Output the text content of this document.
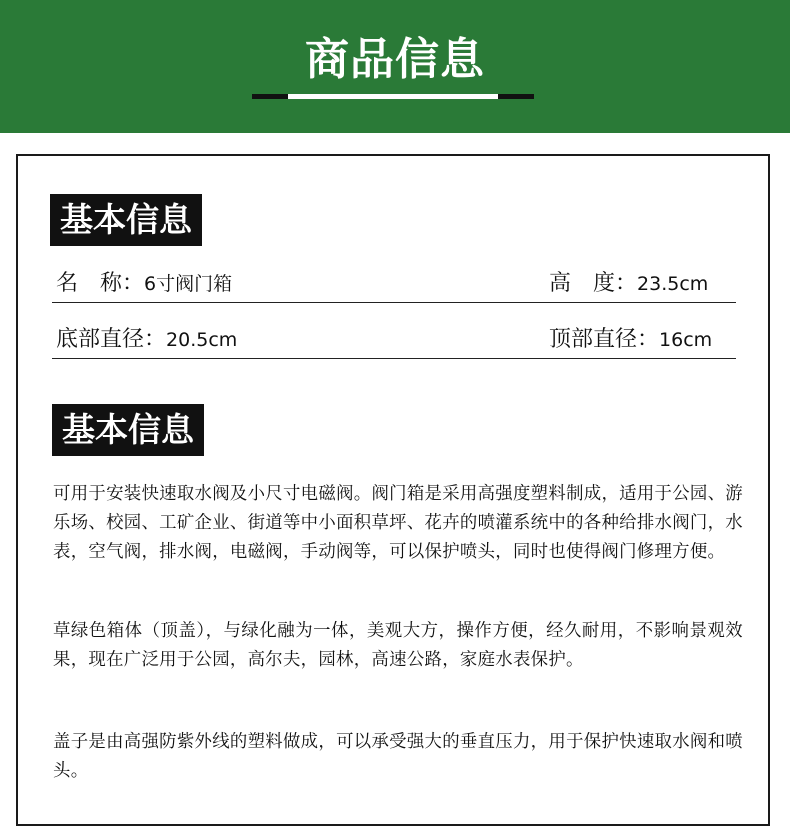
商品信息
基本信息
名　称：6寸阀门箱	高　度：23.5cm
底部直径：20.5cm	顶部直径：16cm
基本信息

可用于安装快速取水阀及小尺寸电磁阀。阀门箱是采用高强度塑料制成，适用于公园、游乐场、校园、工矿企业、街道等中小面积草坪、花卉的喷灌系统中的各种给排水阀门，水表，空气阀，排水阀，电磁阀，手动阀等，可以保护喷头，同时也使得阀门修理方便。

草绿色箱体（顶盖），与绿化融为一体，美观大方，操作方便，经久耐用，不影响景观效果，现在广泛用于公园，高尔夫，园林，高速公路，家庭水表保护。

盖子是由高强防紫外线的塑料做成，可以承受强大的垂直压力，用于保护快速取水阀和喷头。
